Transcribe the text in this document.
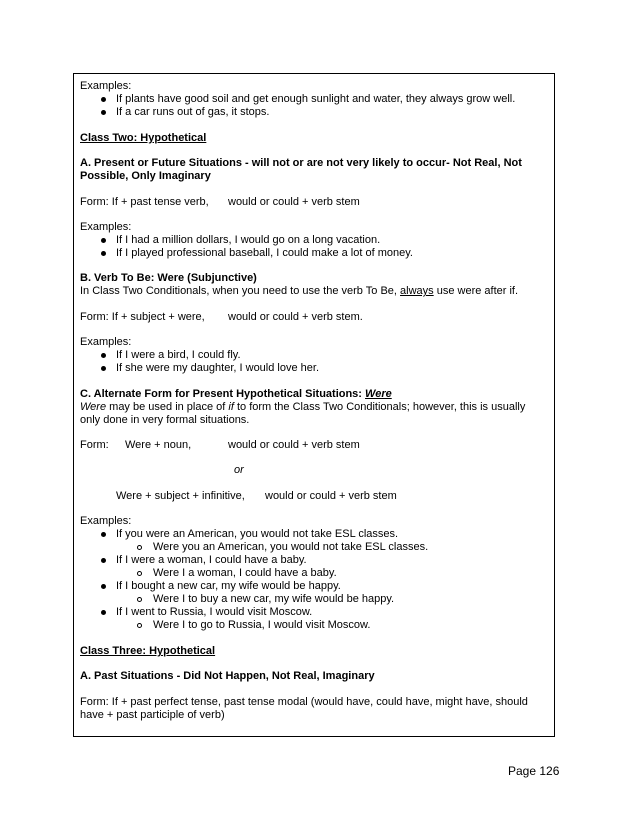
Examples:
If plants have good soil and get enough sunlight and water, they always grow well.
If a car runs out of gas, it stops.
Class Two: Hypothetical
A. Present or Future Situations - will not or are not very likely to occur- Not Real, Not
Possible, Only Imaginary
Form: If + past tense verb, would or could + verb stem
Examples:
If I had a million dollars, I would go on a long vacation.
If I played professional baseball, I could make a lot of money.
B. Verb To Be: Were (Subjunctive)
In Class Two Conditionals, when you need to use the verb To Be, always use were after if.
Form: If + subject + were, would or could + verb stem.
Examples:
If I were a bird, I could fly.
If she were my daughter, I would love her.
C. Alternate Form for Present Hypothetical Situations: Were
Were may be used in place of if to form the Class Two Conditionals; however, this is usually
only done in very formal situations.
Form: Were + noun,	would or could + verb stem
or
Were + subject + infinitive, would or could + verb stem
Examples:
If you were an American, you would not take ESL classes.
Were you an American, you would not take ESL classes.
If I were a woman, I could have a baby.
Were I a woman, I could have a baby.
If I bought a new car, my wife would be happy.
Were I to buy a new car, my wife would be happy.
If I went to Russia, I would visit Moscow.
Were I to go to Russia, I would visit Moscow.
Class Three: Hypothetical
A. Past Situations - Did Not Happen, Not Real, Imaginary
Form: If + past perfect tense, past tense modal (would have, could have, might have, should
have + past participle of verb)
Page 126
